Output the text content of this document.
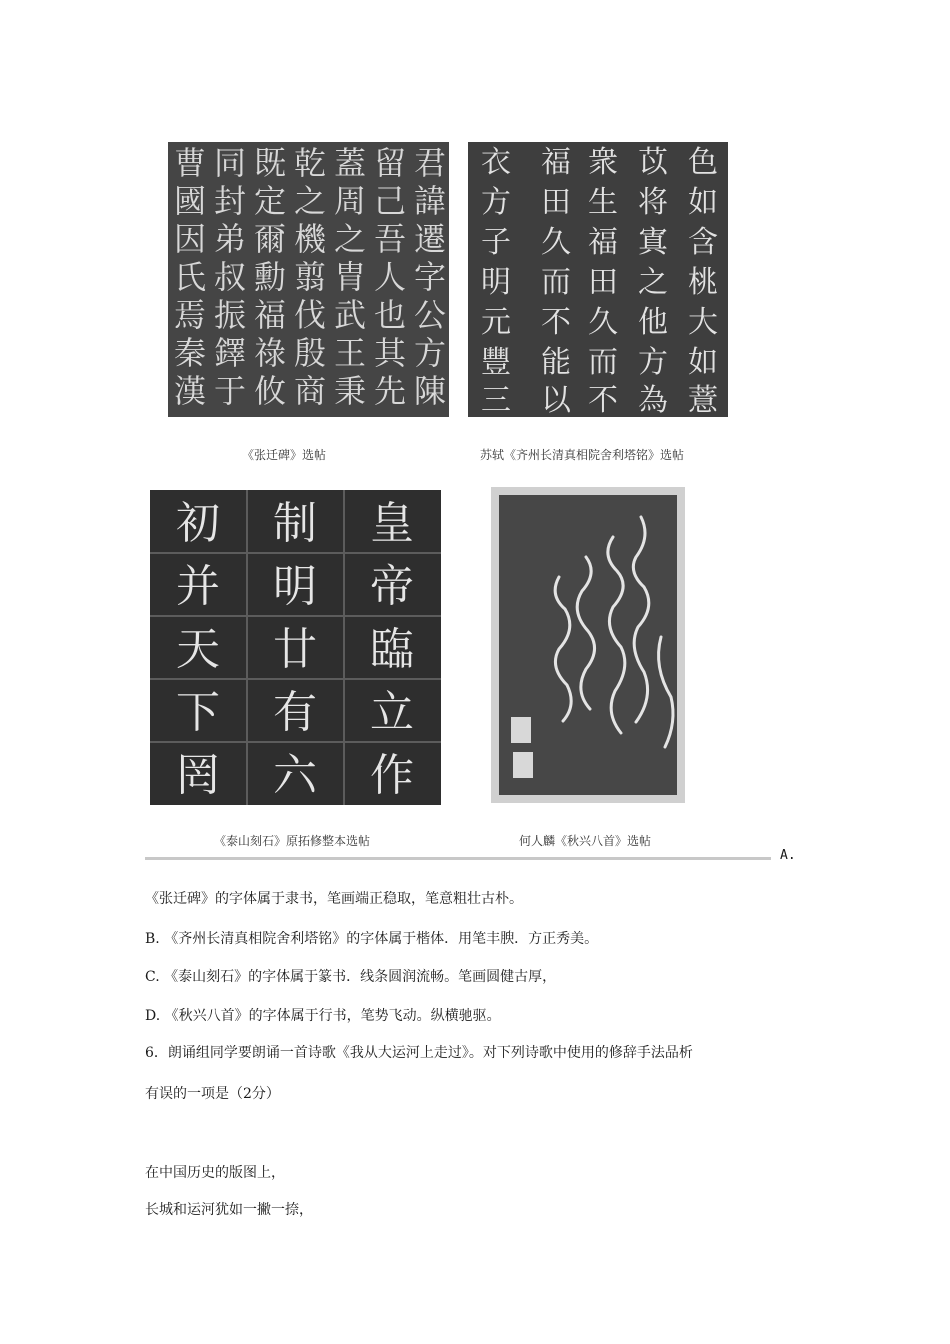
君
諱
遷
字
公
方
陳
留
己
吾
人
也
其
先
蓋
周
之
胄
武
王
秉
乾
之
機
翦
伐
殷
商
既
定
爾
勳
福
祿
攸
同
封
弟
叔
振
鐸
于
曹
國
因
氏
焉
秦
漢
《张迁碑》选帖
色
如
含
桃
大
如
薏
苡
将
寘
之
他
方
為
衆
生
福
田
久
而
不
福
田
久
而
不
能
以
衣
方
子
明
元
豐
三
苏轼《齐州长清真相院舍利塔铭》选帖
皇
帝
臨
立
作
制
明
廿
有
六
初
并
天
下
罔
《泰山刻石》原拓修整本选帖	何人麟《秋兴八首》选帖
A.
《张迁碑》的字体属于隶书，笔画端正稳取，笔意粗壮古朴。
B. 《齐州长清真相院舍利塔铭》的字体属于楷体．用笔丰腴．方正秀美。
C. 《泰山刻石》的字体属于篆书．线条圆润流畅。笔画圆健古厚，
D. 《秋兴八首》的字体属于行书，笔势飞动。纵横驰驱。
6．朗诵组同学要朗诵一首诗歌《我从大运河上走过》。对下列诗歌中使用的修辞手法品析
有误的一项是（2分）
在中国历史的版图上，
长城和运河犹如一撇一捺，
